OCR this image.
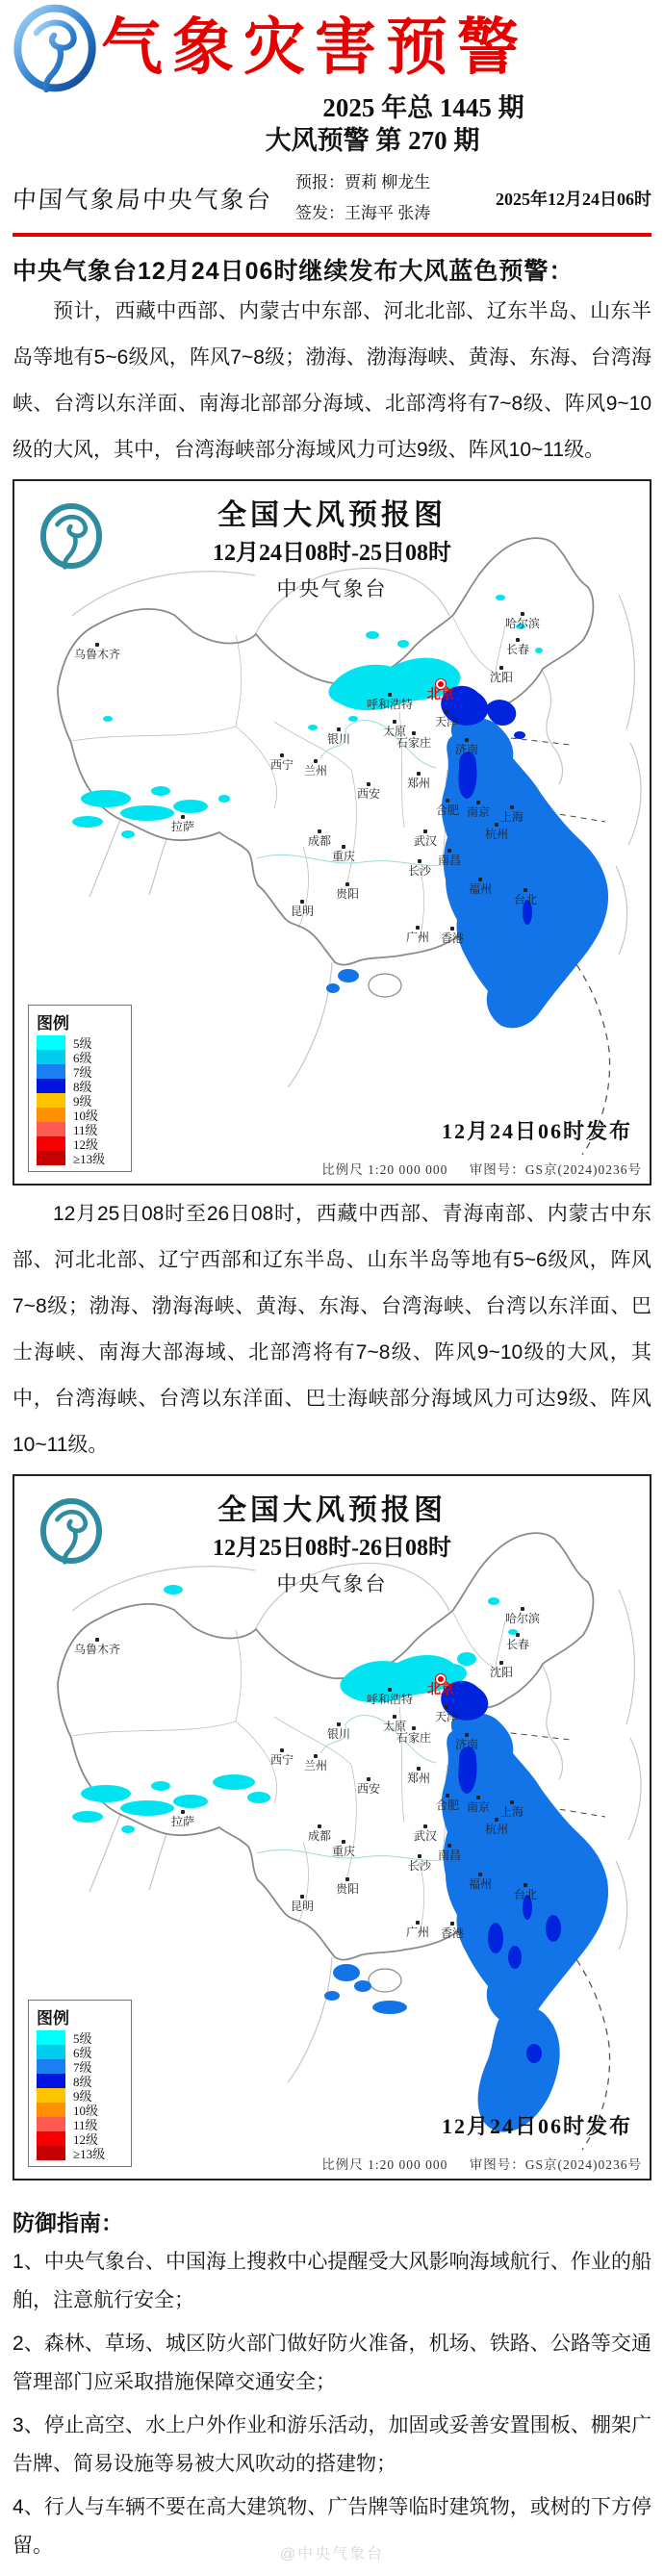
气象灾害预警
2025 年总 1445 期
大风预警 第 270 期
中国气象局中央气象台
预报：贾莉 柳龙生
签发：王海平 张涛
2025年12月24日06时
中央气象台12月24日06时继续发布大风蓝色预警：

预计，西藏中西部、内蒙古中东部、河北北部、辽东半岛、山东半岛等地有5~6级风，阵风7~8级；渤海、渤海海峡、黄海、东海、台湾海峡、台湾以东洋面、南海北部部分海域、北部湾将有7~8级、阵风9~10级的大风，其中，台湾海峡部分海域风力可达9级、阵风10~11级。

乌鲁木齐
哈尔滨
长春
沈阳
北京
呼和浩特
天津
太原
石家庄 济南
银川
西宁 兰州
郑州
西安
合肥 南京 上海
杭州
武汉
南昌
长沙
重庆
成都
贵阳
昆明
拉萨
福州
台北
广州 香港
全国大风预报图
12月24日08时-25日08时
中央气象台
图例
5级
6级
7级
8级
9级
10级
11级
12级
≥13级
12月24日06时发布
比例尺 1:20 000 000 审图号：GS京(2024)0236号

12月25日08时至26日08时，西藏中西部、青海南部、内蒙古中东部、河北北部、辽宁西部和辽东半岛、山东半岛等地有5~6级风，阵风7~8级；渤海、渤海海峡、黄海、东海、台湾海峡、台湾以东洋面、巴士海峡、南海大部海域、北部湾将有7~8级、阵风9~10级的大风，其中，台湾海峡、台湾以东洋面、巴士海峡部分海域风力可达9级、阵风10~11级。

乌鲁木齐
哈尔滨
长春
沈阳
北京
呼和浩特
天津
太原
石家庄 济南
银川
西宁 兰州
郑州
西安
合肥 南京 上海
杭州
武汉
南昌
长沙
重庆
成都
贵阳
昆明
拉萨
福州
台北
广州 香港
全国大风预报图
12月25日08时-26日08时
中央气象台
图例
5级
6级
7级
8级
9级
10级
11级
12级
≥13级
12月24日06时发布
比例尺 1:20 000 000 审图号：GS京(2024)0236号
防御指南：

1、中央气象台、中国海上搜救中心提醒受大风影响海域航行、作业的船舶，注意航行安全；

2、森林、草场、城区防火部门做好防火准备，机场、铁路、公路等交通管理部门应采取措施保障交通安全；

3、停止高空、水上户外作业和游乐活动，加固或妥善安置围板、棚架广告牌、简易设施等易被大风吹动的搭建物；

4、行人与车辆不要在高大建筑物、广告牌等临时建筑物，或树的下方停留。	@中央气象台
